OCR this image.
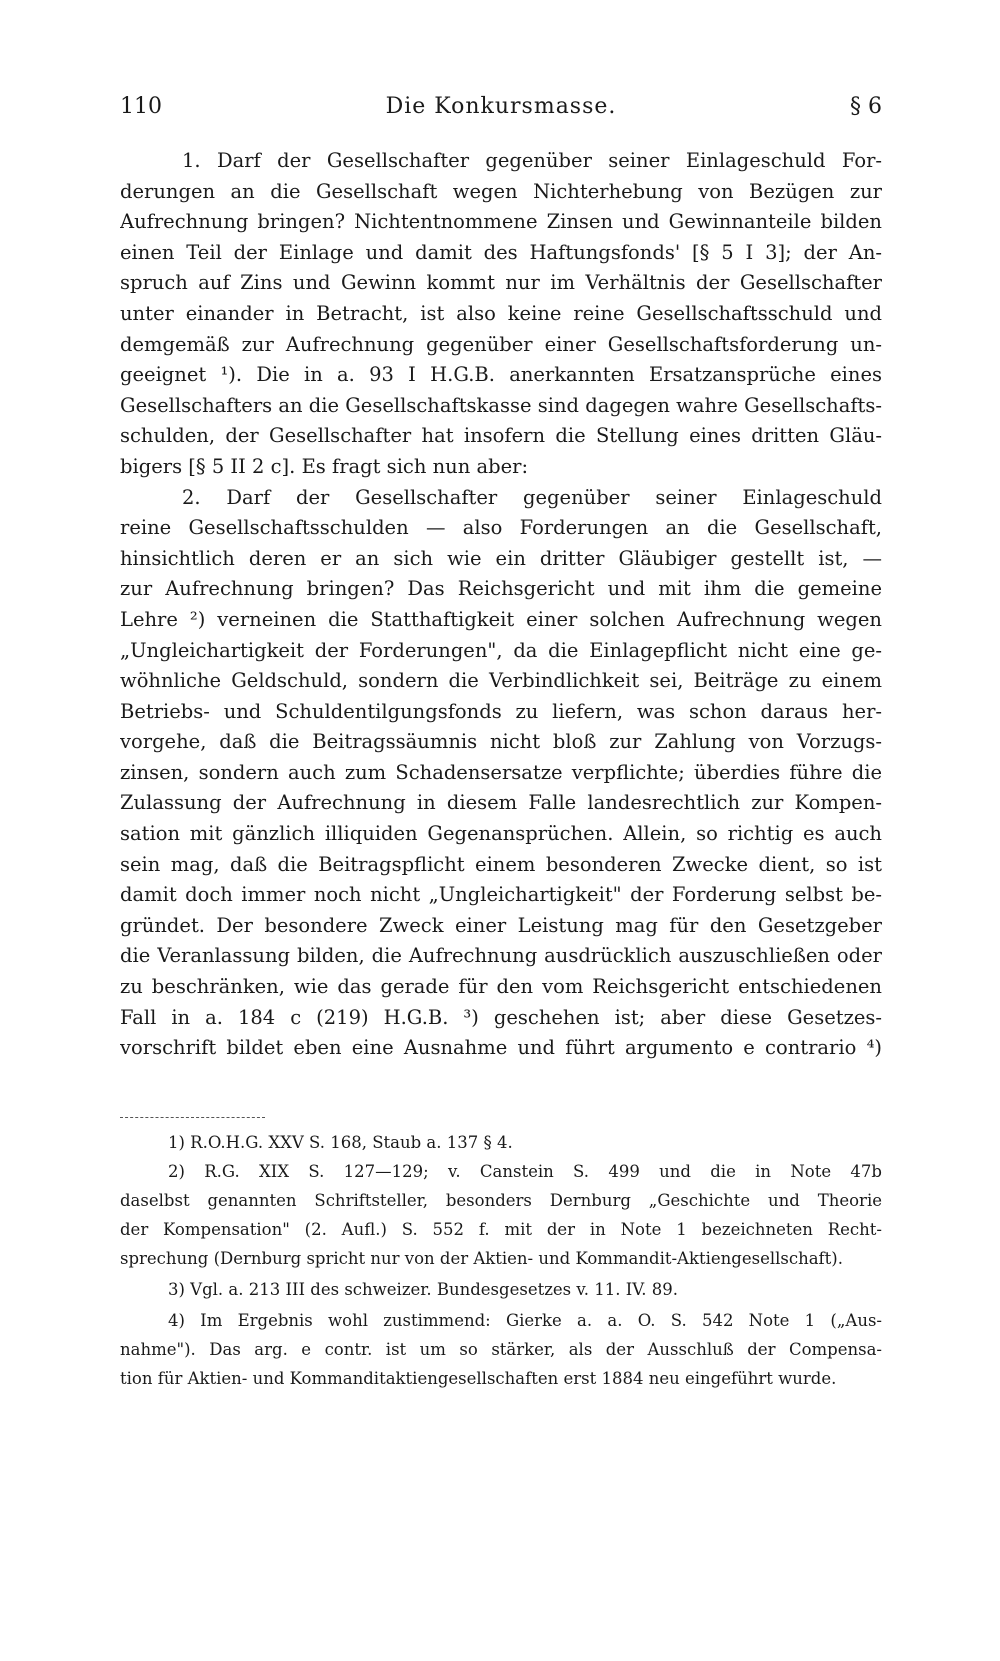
110	Die Konkursmasse.	§ 6
1. Darf der Gesellschafter gegenüber seiner Einlageschuld For-
derungen an die Gesellschaft wegen Nichterhebung von Bezügen zur
Aufrechnung bringen? Nichtentnommene Zinsen und Gewinnanteile bilden
einen Teil der Einlage und damit des Haftungsfonds' [§ 5 I 3]; der An-
spruch auf Zins und Gewinn kommt nur im Verhältnis der Gesellschafter
unter einander in Betracht, ist also keine reine Gesellschaftsschuld und
demgemäß zur Aufrechnung gegenüber einer Gesellschaftsforderung un-
geeignet ¹). Die in a. 93 I H.G.B. anerkannten Ersatzansprüche eines
Gesellschafters an die Gesellschaftskasse sind dagegen wahre Gesellschafts-
schulden, der Gesellschafter hat insofern die Stellung eines dritten Gläu-
bigers [§ 5 II 2 c]. Es fragt sich nun aber:
2. Darf der Gesellschafter gegenüber seiner Einlageschuld
reine Gesellschaftsschulden — also Forderungen an die Gesellschaft,
hinsichtlich deren er an sich wie ein dritter Gläubiger gestellt ist, —
zur Aufrechnung bringen? Das Reichsgericht und mit ihm die gemeine
Lehre ²) verneinen die Statthaftigkeit einer solchen Aufrechnung wegen
„Ungleichartigkeit der Forderungen", da die Einlagepflicht nicht eine ge-
wöhnliche Geldschuld, sondern die Verbindlichkeit sei, Beiträge zu einem
Betriebs- und Schuldentilgungsfonds zu liefern, was schon daraus her-
vorgehe, daß die Beitragssäumnis nicht bloß zur Zahlung von Vorzugs-
zinsen, sondern auch zum Schadensersatze verpflichte; überdies führe die
Zulassung der Aufrechnung in diesem Falle landesrechtlich zur Kompen-
sation mit gänzlich illiquiden Gegenansprüchen. Allein, so richtig es auch
sein mag, daß die Beitragspflicht einem besonderen Zwecke dient, so ist
damit doch immer noch nicht „Ungleichartigkeit" der Forderung selbst be-
gründet. Der besondere Zweck einer Leistung mag für den Gesetzgeber
die Veranlassung bilden, die Aufrechnung ausdrücklich auszuschließen oder
zu beschränken, wie das gerade für den vom Reichsgericht entschiedenen
Fall in a. 184 c (219) H.G.B. ³) geschehen ist; aber diese Gesetzes-
vorschrift bildet eben eine Ausnahme und führt argumento e contrario ⁴)
1) R.O.H.G. XXV S. 168, Staub a. 137 § 4.
2) R.G. XIX S. 127—129; v. Canstein S. 499 und die in Note 47b
daselbst genannten Schriftsteller, besonders Dernburg „Geschichte und Theorie
der Kompensation" (2. Aufl.) S. 552 f. mit der in Note 1 bezeichneten Recht-
sprechung (Dernburg spricht nur von der Aktien- und Kommandit-Aktiengesellschaft).
3) Vgl. a. 213 III des schweizer. Bundesgesetzes v. 11. IV. 89.
4) Im Ergebnis wohl zustimmend: Gierke a. a. O. S. 542 Note 1 („Aus-
nahme"). Das arg. e contr. ist um so stärker, als der Ausschluß der Compensa-
tion für Aktien- und Kommanditaktiengesellschaften erst 1884 neu eingeführt wurde.
